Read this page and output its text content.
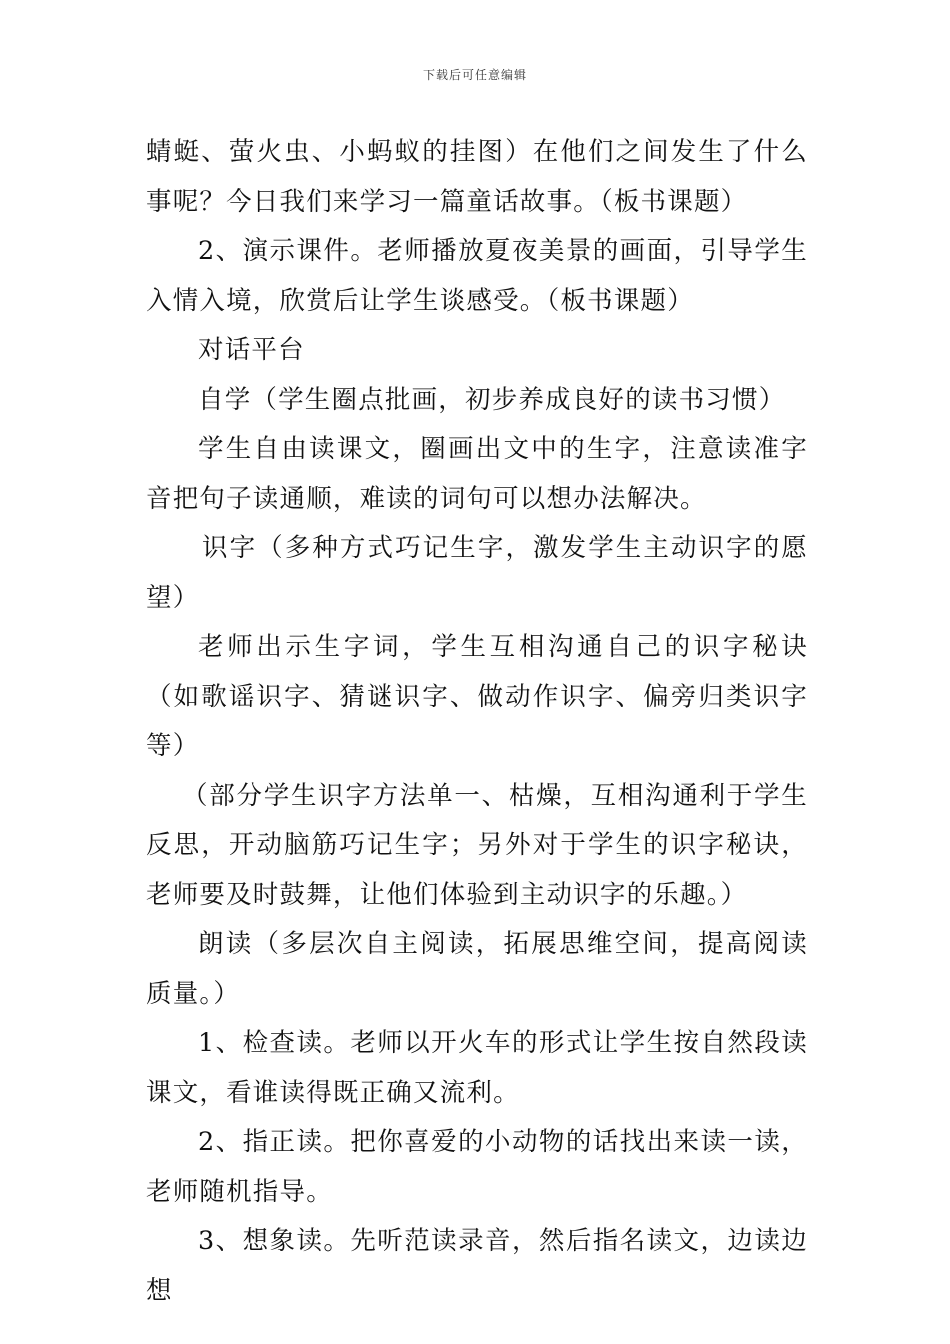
下载后可任意编辑

蜻蜓、萤火虫、小蚂蚁的挂图）在他们之间发生了什么事呢？今日我们来学习一篇童话故事。（板书课题）

2、演示课件。老师播放夏夜美景的画面，引导学生入情入境，欣赏后让学生谈感受。（板书课题）

对话平台

自学（学生圈点批画，初步养成良好的读书习惯）

学生自由读课文，圈画出文中的生字，注意读准字音把句子读通顺，难读的词句可以想办法解决。

识字（多种方式巧记生字，激发学生主动识字的愿望）

老师出示生字词，学生互相沟通自己的识字秘诀（如歌谣识字、猜谜识字、做动作识字、偏旁归类识字等）

（部分学生识字方法单一、枯燥，互相沟通利于学生反思，开动脑筋巧记生字；另外对于学生的识字秘诀，老师要及时鼓舞，让他们体验到主动识字的乐趣。）

朗读（多层次自主阅读，拓展思维空间，提高阅读质量。）

1、检查读。老师以开火车的形式让学生按自然段读课文，看谁读得既正确又流利。

2、指正读。把你喜爱的小动物的话找出来读一读，老师随机指导。

3、想象读。先听范读录音，然后指名读文，边读边想
